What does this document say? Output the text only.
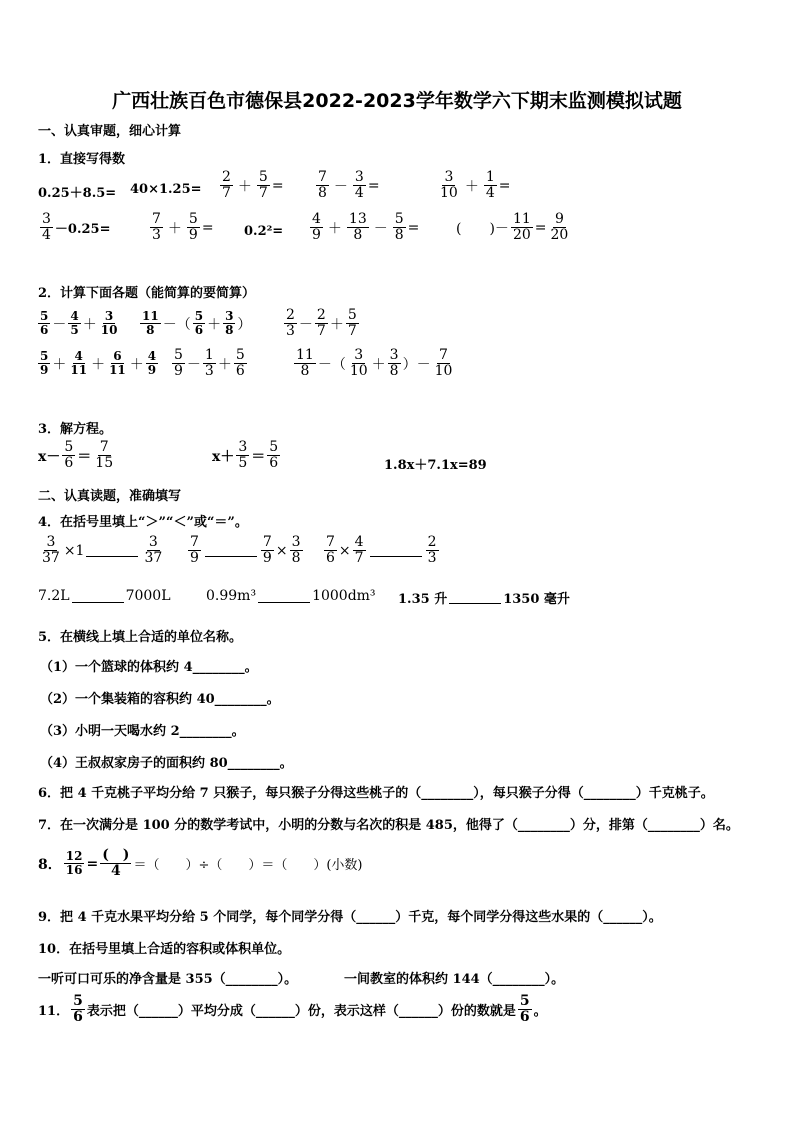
广西壮族百色市德保县2022-2023学年数学六下期末监测模拟试题
一、认真审题，细心计算
1．直接写得数
$0.25+8.5= 40\times 1.25= \frac{2}{7} + \frac{5}{7} = \frac{7}{8} - \frac{3}{4}$ =	$\frac{3}{10} + \frac{1}{4}$ =
$\frac{3}{4} -0.25=$	$\frac{7}{3} + \frac{5}{9} = 0.2^2= \frac{4}{9} + \frac{13}{8} - \frac{5}{8}$ =	(　　)－ $\frac{11}{20} = \frac{9}{20}$
2．计算下面各题（能简算的要简算）
$\frac{5}{6} - \frac{4}{5} + \frac{3}{10} \frac{11}{8}$ －（ $\frac{5}{6} + \frac{3}{8}$ ） $\frac{2}{3} - \frac{2}{7} + \frac{5}{7}$
$\frac{5}{9} + \frac{4}{11} + \frac{6}{11} + \frac{4}{9} \frac{5}{9} - \frac{1}{3} + \frac{5}{6}$	$\frac{11}{8}$ －（ $\frac{3}{10} + \frac{3}{8}$ ）－ $\frac{7}{10}$
3．解方程。
$x- \frac{5}{6} = \frac{7}{15}$	$x+ \frac{3}{5} = \frac{5}{6}$	1.8x＋7.1x=89
二、认真读题，准确填写
4．在括号里填上“＞”“＜”或“＝”。
$\frac{3}{37} \times 1$	$\frac{3}{37} \frac{7}{9}$	$\frac{7}{9} \times \frac{3}{8} \frac{7}{6} \times \frac{4}{7}$	$\frac{2}{3}$
7.2L	7000L	0.99m³	1000dm³ 1.35 升	1350 毫升
5．在横线上填上合适的单位名称。
（1）一个篮球的体积约 4________。
（2）一个集装箱的容积约 40________。
（3）小明一天喝水约 2________。
（4）王叔叔家房子的面积约 80________。
6．把 4 千克桃子平均分给 7 只猴子，每只猴子分得这些桃子的（________），每只猴子分得（________）千克桃子。
7．在一次满分是 100 分的数学考试中，小明的分数与名次的积是 485，他得了（________）分，排第（________）名。
8． $\frac{12}{16} = \frac{( )}{4}$ ＝（　　）÷（　　）＝（　　）(小数)
9．把 4 千克水果平均分给 5 个同学，每个同学分得（______）千克，每个同学分得这些水果的（______）。
10．在括号里填上合适的容积或体积单位。
一听可口可乐的净含量是 355（________）。	一间教室的体积约 144（________）。
11． $\frac{5}{6}$ 表示把（______）平均分成（______）份，表示这样（______）份的数就是 $\frac{5}{6}$ 。
